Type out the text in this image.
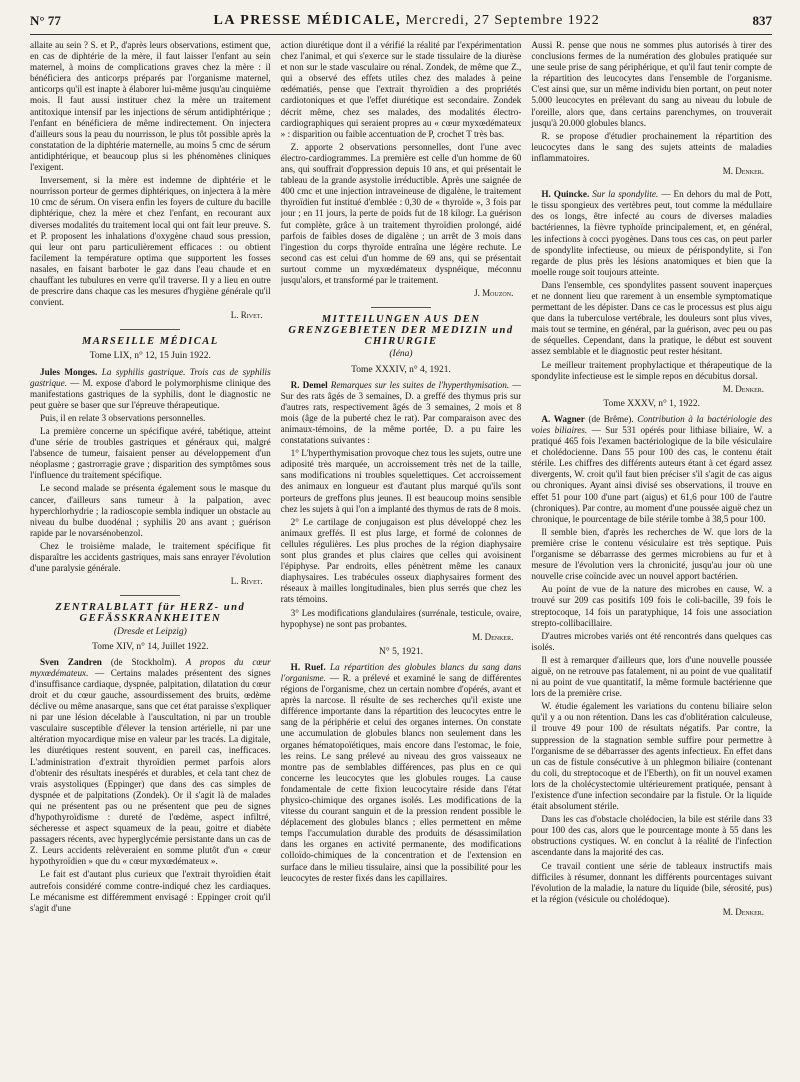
N° 77	LA PRESSE MÉDICALE, Mercredi, 27 Septembre 1922	837

allaite au sein ? S. et P., d'après leurs observations, estiment que, en cas de diphtérie de la mère, il faut laisser l'enfant au sein maternel, à moins de complications graves chez la mère : il bénéficiera des anticorps préparés par l'organisme maternel, anticorps qu'il est inapte à élaborer lui-même jusqu'au cinquième mois. Il faut aussi instituer chez la mère un traitement antitoxique intensif par les injections de sérum antidiphtérique ; l'enfant en bénéficiera de même indirectement. On injectera d'ailleurs sous la peau du nourrisson, le plus tôt possible après la constatation de la diphtérie maternelle, au moins 5 cmc de sérum antidiphtérique, et beaucoup plus si les phénomènes cliniques l'exigent.

Inversement, si la mère est indemne de diphtérie et le nourrisson porteur de germes diphtériques, on injectera à la mère 10 cmc de sérum. On visera enfin les foyers de culture du bacille diphtérique, chez la mère et chez l'enfant, en recourant aux diverses modalités du traitement local qui ont fait leur preuve. S. et P. proposent les inhalations d'oxygène chaud sous pression, qui leur ont paru particulièrement efficaces : ou obtient facilement la température optima que supportent les fosses nasales, en faisant barboter le gaz dans l'eau chaude et en chauffant les tubulures en verre qu'il traverse. Il y a lieu en outre de prescrire dans chaque cas les mesures d'hygiène générale qu'il convient.

L. Rivet.
MARSEILLE MÉDICAL
Tome LIX, n° 12, 15 Juin 1922.

Jules Monges. La syphilis gastrique. Trois cas de syphilis gastrique. — M. expose d'abord le polymorphisme clinique des manifestations gastriques de la syphilis, dont le diagnostic ne peut guère se baser que sur l'épreuve thérapeutique.

Puis, il en relate 3 observations personnelles.

La première concerne un spécifique avéré, tabétique, atteint d'une série de troubles gastriques et généraux qui, malgré l'absence de tumeur, faisaient penser au développement d'un néoplasme ; gastrorragie grave ; disparition des symptômes sous l'influence du traitement spécifique.

Le second malade se présenta également sous le masque du cancer, d'ailleurs sans tumeur à la palpation, avec hyperchlorhydrie ; la radioscopie sembla indiquer un obstacle au niveau du bulbe duodénal ; syphilis 20 ans avant ; guérison rapide par le novarsénobenzol.

Chez le troisième malade, le traitement spécifique fit disparaître les accidents gastriques, mais sans enrayer l'évolution d'une paralysie générale.

L. Rivet.
ZENTRALBLATT für HERZ- und GEFÄSSKRANKHEITEN
(Dresde et Leipzig)
Tome XIV, n° 14, Juillet 1922.

Sven Zandren (de Stockholm). A propos du cœur myxœdémateux. — Certains malades présentent des signes d'insuffisance cardiaque, dyspnée, palpitation, dilatation du cœur droit et du cœur gauche, assourdissement des bruits, œdème déclive ou même anasarque, sans que cet état paraisse s'expliquer ni par une lésion décelable à l'auscultation, ni par un trouble vasculaire susceptible d'élever la tension artérielle, ni par une altération myocardique mise en valeur par les tracés. La digitale, les diurétiques restent souvent, en pareil cas, inefficaces. L'administration d'extrait thyroïdien permet parfois alors d'obtenir des résultats inespérés et durables, et cela tant chez de vrais asystoliques (Eppinger) que dans des cas simples de dyspnée et de palpitations (Zondek). Or il s'agit là de malades qui ne présentent pas ou ne présentent que peu de signes d'hypothyroïdisme : dureté de l'œdème, aspect infiltré, sécheresse et aspect squameux de la peau, goitre et diabète passagers récents, avec hyperglycémie persistante dans un cas de Z. Leurs accidents relèveraient en somme plutôt d'un « cœur hypothyroïdien » que du « cœur myxœdémateux ».

Le fait est d'autant plus curieux que l'extrait thyroïdien était autrefois considéré comme contre-indiqué chez les cardiaques. Le mécanisme est différemment envisagé : Eppinger croit qu'il s'agit d'une

action diurétique dont il a vérifié la réalité par l'expérimentation chez l'animal, et qui s'exerce sur le stade tissulaire de la diurèse et non sur le stade vasculaire ou rénal. Zondek, de même que Z., qui a observé des effets utiles chez des malades à peine œdématiés, pense que l'extrait thyroïdien a des propriétés cardiotoniques et que l'effet diurétique est secondaire. Zondek décrit même, chez ses malades, des modalités électro-cardiographiques qui seraient propres au « cœur myxœdémateux » : disparition ou faible accentuation de P, crochet T très bas.

Z. apporte 2 observations personnelles, dont l'une avec électro-cardiogrammes. La première est celle d'un homme de 60 ans, qui souffrait d'oppression depuis 10 ans, et qui présentait le tableau de la grande asystolie irréductible. Après une saignée de 400 cmc et une injection intraveineuse de digalène, le traitement thyroïdien fut institué d'emblée : 0,30 de « thyroïde », 3 fois par jour ; en 11 jours, la perte de poids fut de 18 kilogr. La guérison fut complète, grâce à un traitement thyroïdien prolongé, aidé parfois de faibles doses de digalène ; un arrêt de 3 mois dans l'ingestion du corps thyroïde entraîna une légère rechute. Le second cas est celui d'un homme de 69 ans, qui se présentait surtout comme un myxœdémateux dyspnéique, méconnu jusqu'alors, et transformé par le traitement.

J. Mouzon.
MITTEILUNGEN AUS DEN GRENZGEBIETEN DER MEDIZIN und CHIRURGIE
(Iéna)
Tome XXXIV, n° 4, 1921.

R. Demel Remarques sur les suites de l'hyperthymisation. — Sur des rats âgés de 3 semaines, D. a greffé des thymus pris sur d'autres rats, respectivement âgés de 3 semaines, 2 mois et 8 mois (âge de la puberté chez le rat). Par comparaison avec des animaux-témoins, de la même portée, D. a pu faire les constatations suivantes :

1° L'hyperthymisation provoque chez tous les sujets, outre une adiposité très marquée, un accroissement très net de la taille, sans modifications ni troubles squelettiques. Cet accroissement des animaux en longueur est d'autant plus marqué qu'ils sont porteurs de greffons plus jeunes. Il est beaucoup moins sensible chez les sujets à qui l'on a implanté des thymus de rats de 8 mois.

2° Le cartilage de conjugaison est plus développé chez les animaux greffés. Il est plus large, et formé de colonnes de cellules régulières. Les plus proches de la région diaphysaire sont plus grandes et plus claires que celles qui avoisinent l'épiphyse. Par endroits, elles pénètrent même les canaux diaphysaires. Les trabécules osseux diaphysaires forment des réseaux à mailles longitudinales, bien plus serrés que chez les rats témoins.

3° Les modifications glandulaires (surrénale, testicule, ovaire, hypophyse) ne sont pas probantes.

M. Denker.
N° 5, 1921.

H. Ruef. La répartition des globules blancs du sang dans l'organisme. — R. a prélevé et examiné le sang de différentes régions de l'organisme, chez un certain nombre d'opérés, avant et après la narcose. Il résulte de ses recherches qu'il existe une différence importante dans la répartition des leucocytes entre le sang de la périphérie et celui des organes internes. On constate une accumulation de globules blancs non seulement dans les organes hématopoïétiques, mais encore dans l'estomac, le foie, les reins. Le sang prélevé au niveau des gros vaisseaux ne montre pas de semblables différences, pas plus en ce qui concerne les leucocytes que les globules rouges. La cause fondamentale de cette fixion leucocytaire réside dans l'état physico-chimique des organes isolés. Les modifications de la vitesse du courant sanguin et de la pression rendent possible le déplacement des globules blancs ; elles permettent en même temps l'accumulation durable des produits de désassimilation dans les organes en activité permanente, des modifications colloïdo-chimiques de la concentration et de l'extension en surface dans le milieu tissulaire, ainsi que la possibilité pour les leucocytes de rester fixés dans les capillaires.

Aussi R. pense que nous ne sommes plus autorisés à tirer des conclusions fermes de la numération des globules pratiquée sur une seule prise de sang périphérique, et qu'il faut tenir compte de la répartition des leucocytes dans l'ensemble de l'organisme. C'est ainsi que, sur un même individu bien portant, on peut noter 5.000 leucocytes en prélevant du sang au niveau du lobule de l'oreille, alors que, dans certains parenchymes, on trouverait jusqu'à 20.000 globules blancs.

R. se propose d'étudier prochainement la répartition des leucocytes dans le sang des sujets atteints de maladies inflammatoires.

M. Denker.

H. Quincke. Sur la spondylite. — En dehors du mal de Pott, le tissu spongieux des vertèbres peut, tout comme la médullaire des os longs, être infecté au cours de diverses maladies bactériennes, la fièvre typhoïde principalement, et, en général, les infections à cocci pyogènes. Dans tous ces cas, on peut parler de spondylite infectieuse, ou mieux de périspondylite, si l'on regarde de plus près les lésions anatomiques et bien que la moelle rouge soit toujours atteinte.

Dans l'ensemble, ces spondylites passent souvent inaperçues et ne donnent lieu que rarement à un ensemble symptomatique permettant de les dépister. Dans ce cas le processus est plus aigu que dans la tuberculose vertébrale, les douleurs sont plus vives, mais tout se termine, en général, par la guérison, avec peu ou pas de séquelles. Cependant, dans la pratique, le début est souvent assez semblable et le diagnostic peut rester hésitant.

Le meilleur traitement prophylactique et thérapeutique de la spondylite infectieuse est le simple repos en décubitus dorsal.

M. Denker.
Tome XXXV, n° 1, 1922.

A. Wagner (de Brême). Contribution à la bactériologie des voies biliaires. — Sur 531 opérés pour lithiase biliaire, W. a pratiqué 465 fois l'examen bactériologique de la bile vésiculaire et cholédocienne. Dans 55 pour 100 des cas, le contenu était stérile. Les chiffres des différents auteurs étant à cet égard assez divergents, W. croit qu'il faut bien préciser s'il s'agit de cas aigus ou chroniques. Ayant ainsi divisé ses observations, il trouve en effet 51 pour 100 d'une part (aigus) et 61,6 pour 100 de l'autre (chroniques). Par contre, au moment d'une poussée aiguë chez un chronique, le pourcentage de bile stérile tombe à 38,5 pour 100.

Il semble bien, d'après les recherches de W. que lors de la première crise le contenu vésiculaire est très septique. Puis l'organisme se débarrasse des germes microbiens au fur et à mesure de l'évolution vers la chronicité, jusqu'au jour où une nouvelle crise coïncide avec un nouvel apport bactérien.

Au point de vue de la nature des microbes en cause, W. a trouvé sur 209 cas positifs 109 fois le coli-bacille, 39 fois le streptocoque, 14 fois un paratyphique, 14 fois une association strepto-collibacillaire.

D'autres microbes variés ont été rencontrés dans quelques cas isolés.

Il est à remarquer d'ailleurs que, lors d'une nouvelle poussée aiguë, on ne retrouve pas fatalement, ni au point de vue qualitatif ni au point de vue quantitatif, la même formule bactérienne que lors de la première crise.

W. étudie également les variations du contenu biliaire selon qu'il y a ou non rétention. Dans les cas d'oblitération calculeuse, il trouve 49 pour 100 de résultats négatifs. Par contre, la suppression de la stagnation semble suffire pour permettre à l'organisme de se débarrasser des agents infectieux. En effet dans un cas de fistule consécutive à un phlegmon biliaire (contenant du coli, du streptocoque et de l'Eberth), on fit un nouvel examen lors de la cholécystectomie ultérieurement pratiquée, pensant à l'existence d'une infection secondaire par la fistule. Or la liquide était absolument stérile.

Dans les cas d'obstacle cholédocien, la bile est stérile dans 33 pour 100 des cas, alors que le pourcentage monte à 55 dans les obstructions cystiques. W. en conclut à la réalité de l'infection ascendante dans la majorité des cas.

Ce travail contient une série de tableaux instructifs mais difficiles à résumer, donnant les différents pourcentages suivant l'évolution de la maladie, la nature du liquide (bile, sérosité, pus) et la région (vésicule ou cholédoque).

M. Denker.
